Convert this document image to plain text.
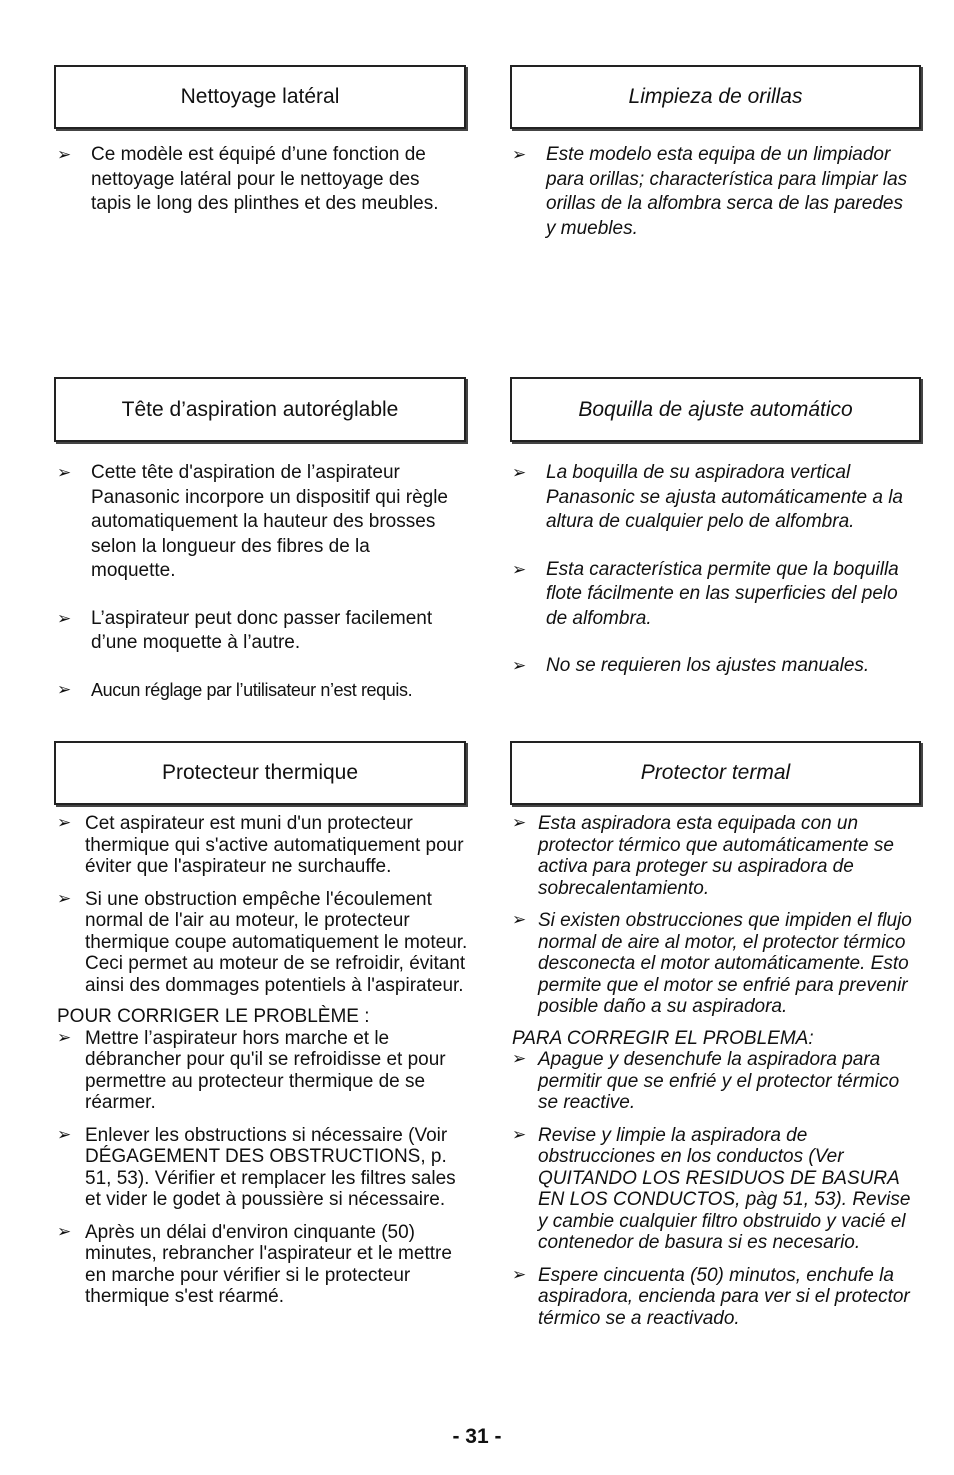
Nettoyage latéral
➢ Ce modèle est équipé d’une fonction de nettoyage latéral pour le nettoyage des tapis le long des plinthes et des meubles.
Tête d’aspiration autoréglable
➢ Cette tête d'aspiration de l’aspirateur Panasonic incorpore un dispositif qui règle automatiquement la hauteur des brosses selon la longueur des fibres de la moquette.
➢ L’aspirateur peut donc passer facilement d’une moquette à l’autre.
➢ Aucun réglage par l’utilisateur n’est requis.
Protecteur thermique
➢ Cet aspirateur est muni d'un protecteur thermique qui s'active automatiquement pour éviter que l'aspirateur ne surchauffe.
➢ Si une obstruction empêche l'écoulement normal de l'air au moteur, le protecteur thermique coupe automatiquement le moteur. Ceci permet au moteur de se refroidir, évitant ainsi des dommages potentiels à l'aspirateur.

POUR CORRIGER LE PROBLÈME :

➢ Mettre l’aspirateur hors marche et le débrancher pour qu'il se refroidisse et pour permettre au protecteur thermique de se réarmer.
➢ Enlever les obstructions si nécessaire (Voir DÉGAGEMENT DES OBSTRUCTIONS, p. 51, 53). Vérifier et remplacer les filtres sales et vider le godet à poussière si nécessaire.
➢ Après un délai d'environ cinquante (50) minutes, rebrancher l'aspirateur et le mettre en marche pour vérifier si le protecteur thermique s'est réarmé.
Limpieza de orillas
➢ Este modelo esta equipa de un limpiador para orillas; characterística para limpiar las orillas de la alfombra serca de las paredes y muebles.
Boquilla de ajuste automático
➢ La boquilla de su aspiradora vertical Panasonic se ajusta automáticamente a la altura de cualquier pelo de alfombra.
➢ Esta característica permite que la boquilla flote fácilmente en las superficies del pelo de alfombra.
➢ No se requieren los ajustes manuales.
Protector termal
➢ Esta aspiradora esta equipada con un protector térmico que automáticamente se activa para proteger su aspiradora de sobrecalentamiento.
➢ Si existen obstrucciones que impiden el flujo normal de aire al motor, el protector térmico desconecta el motor automáticamente. Esto permite que el motor se enfrié para prevenir posible daño a su aspiradora.

PARA CORREGIR EL PROBLEMA:

➢ Apague y desenchufe la aspiradora para permitir que se enfrié y el protector térmico se reactive.
➢ Revise y limpie la aspiradora de obstrucciones en los conductos (Ver QUITANDO LOS RESIDUOS DE BASURA EN LOS CONDUCTOS, pàg 51, 53). Revise y cambie cualquier filtro obstruido y vacié el contenedor de basura si es necesario.
➢ Espere cincuenta (50) minutos, enchufe la aspiradora, encienda para ver si el protector térmico se a reactivado.
- 31 -
